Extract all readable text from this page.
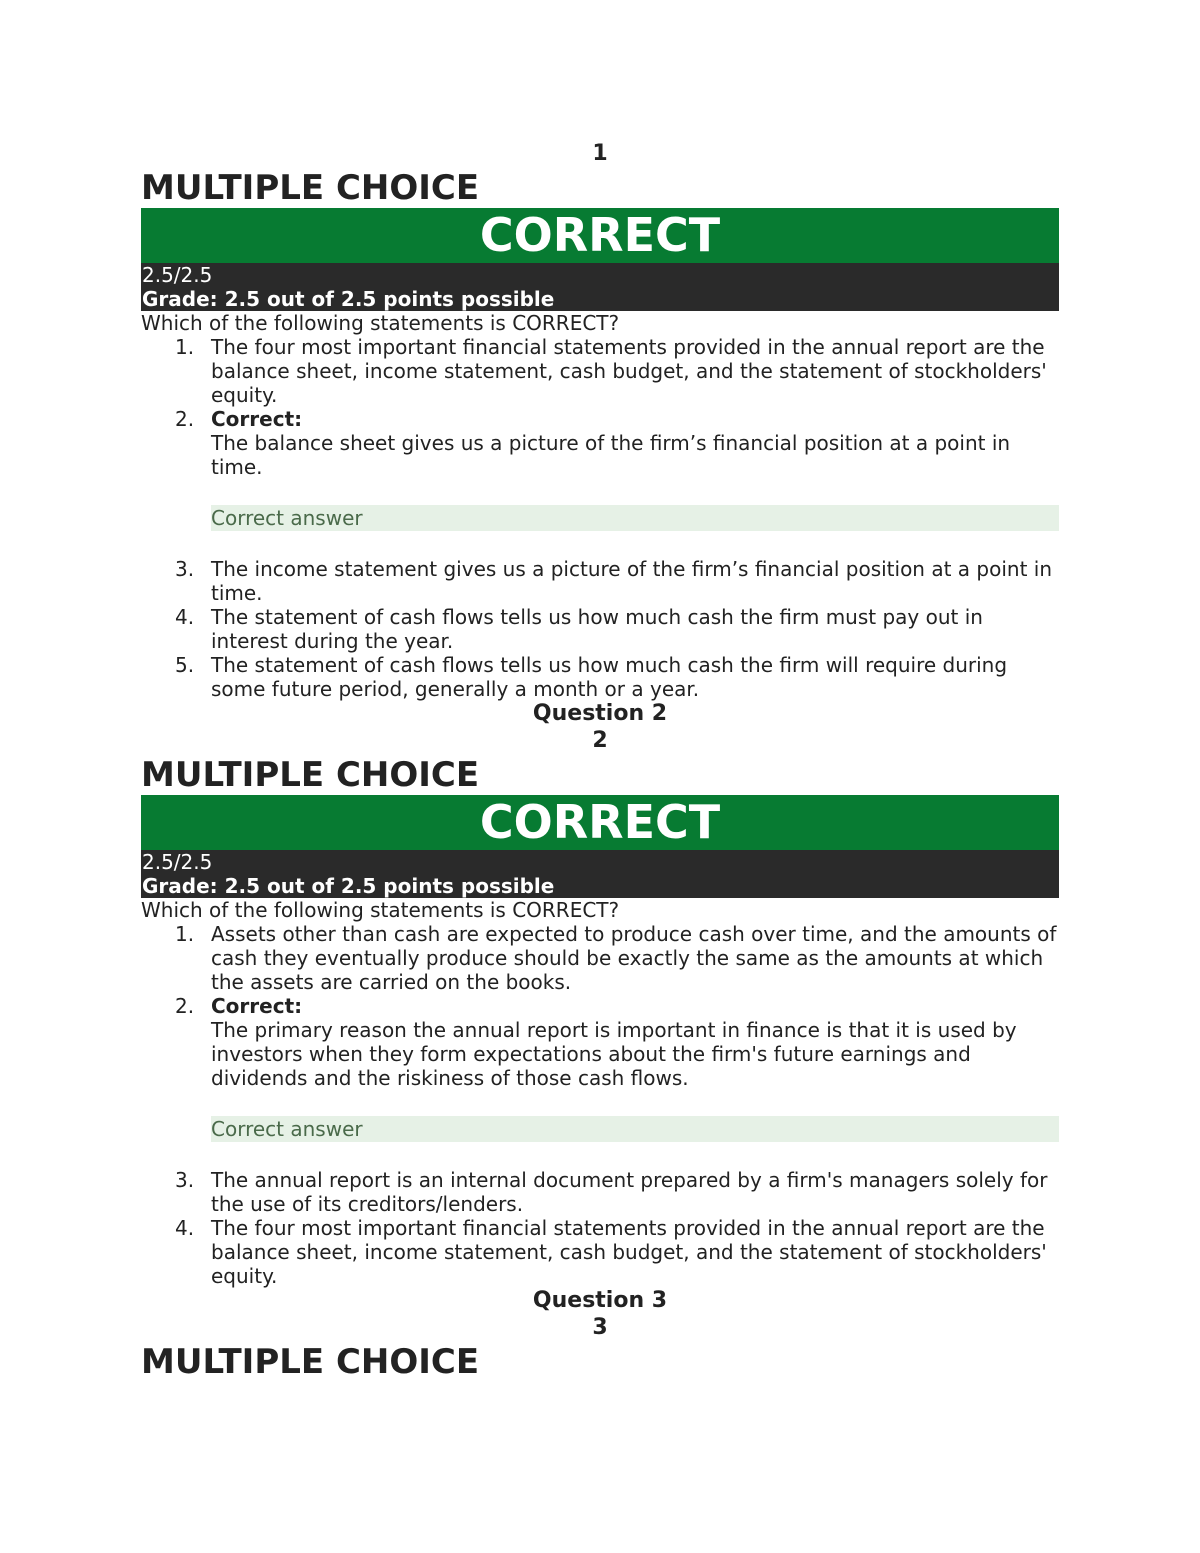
1
MULTIPLE CHOICE
CORRECT
2.5/2.5
Grade: 2.5 out of 2.5 points possible
Which of the following statements is CORRECT?
1. The four most important financial statements provided in the annual report are the balance sheet, income statement, cash budget, and the statement of stockholders' equity.
2. Correct:
The balance sheet gives us a picture of the firm’s financial position at a point in time.
Correct answer
3. The income statement gives us a picture of the firm’s financial position at a point in time.
4. The statement of cash flows tells us how much cash the firm must pay out in interest during the year.
5. The statement of cash flows tells us how much cash the firm will require during some future period, generally a month or a year.
Question 2
2
MULTIPLE CHOICE
CORRECT
2.5/2.5
Grade: 2.5 out of 2.5 points possible
Which of the following statements is CORRECT?
1. Assets other than cash are expected to produce cash over time, and the amounts of cash they eventually produce should be exactly the same as the amounts at which the assets are carried on the books.
2. Correct:
The primary reason the annual report is important in finance is that it is used by investors when they form expectations about the firm's future earnings and dividends and the riskiness of those cash flows.
Correct answer
3. The annual report is an internal document prepared by a firm's managers solely for the use of its creditors/lenders.
4. The four most important financial statements provided in the annual report are the balance sheet, income statement, cash budget, and the statement of stockholders' equity.
Question 3
3
MULTIPLE CHOICE
